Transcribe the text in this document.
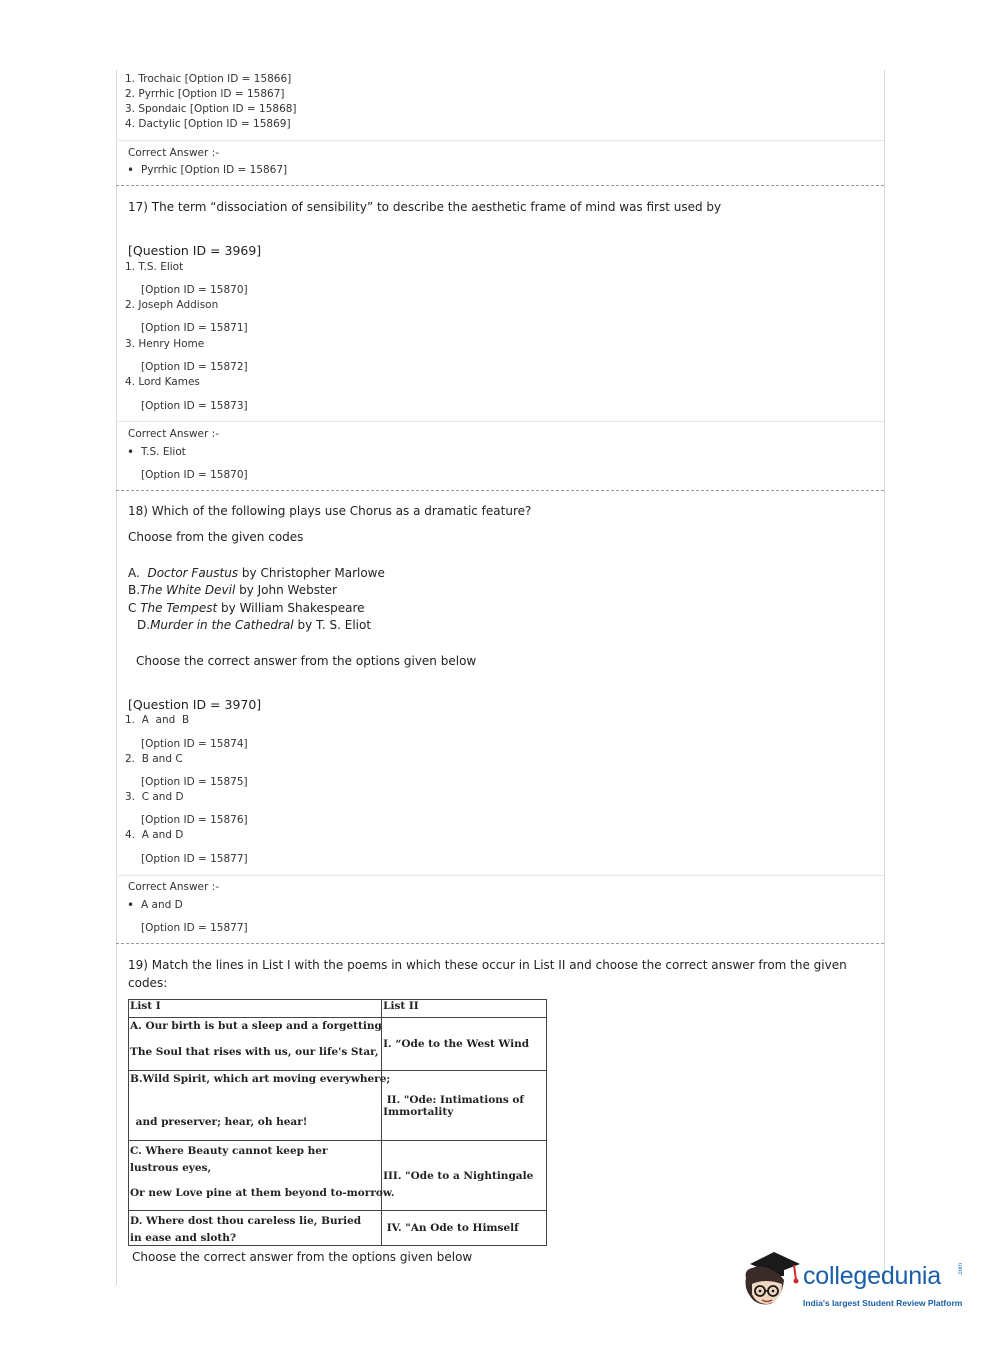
1. Trochaic [Option ID = 15866]
2. Pyrrhic [Option ID = 15867]
3. Spondaic [Option ID = 15868]
4. Dactylic [Option ID = 15869]
Correct Answer :-
• Pyrrhic [Option ID = 15867]
17) The term “dissociation of sensibility” to describe the aesthetic frame of mind was first used by
[Question ID = 3969]
1. T.S. Eliot
[Option ID = 15870]
2. Joseph Addison
[Option ID = 15871]
3. Henry Home
[Option ID = 15872]
4. Lord Kames
[Option ID = 15873]
Correct Answer :-
• T.S. Eliot
[Option ID = 15870]
18) Which of the following plays use Chorus as a dramatic feature?
Choose from the given codes
A.  Doctor Faustus by Christopher Marlowe
B.The White Devil by John Webster
C The Tempest by William Shakespeare
D.Murder in the Cathedral by T. S. Eliot
Choose the correct answer from the options given below
[Question ID = 3970]
1.  A  and  B
[Option ID = 15874]
2.  B and C
[Option ID = 15875]
3.  C and D
[Option ID = 15876]
4.  A and D
[Option ID = 15877]
Correct Answer :-
• A and D
[Option ID = 15877]
19) Match the lines in List I with the poems in which these occur in List II and choose the correct answer from the given
codes:
List I	List II

A. Our birth is but a sleep and a forgetting
The Soul that rises with us, our life's Star,	I. “Ode to the West Wind

B.Wild Spirit, which art moving everywhere;
and preserver; hear, oh hear!	II. "Ode: Intimations of Immortality

C. Where Beauty cannot keep her lustrous eyes,
Or new Love pine at them beyond to-morrow.	III. "Ode to a Nightingale

D. Where dost thou careless lie, Buried in ease and sloth?	IV. "An Ode to Himself
Choose the correct answer from the options given below
collegedunia	.com
India's largest Student Review Platform
